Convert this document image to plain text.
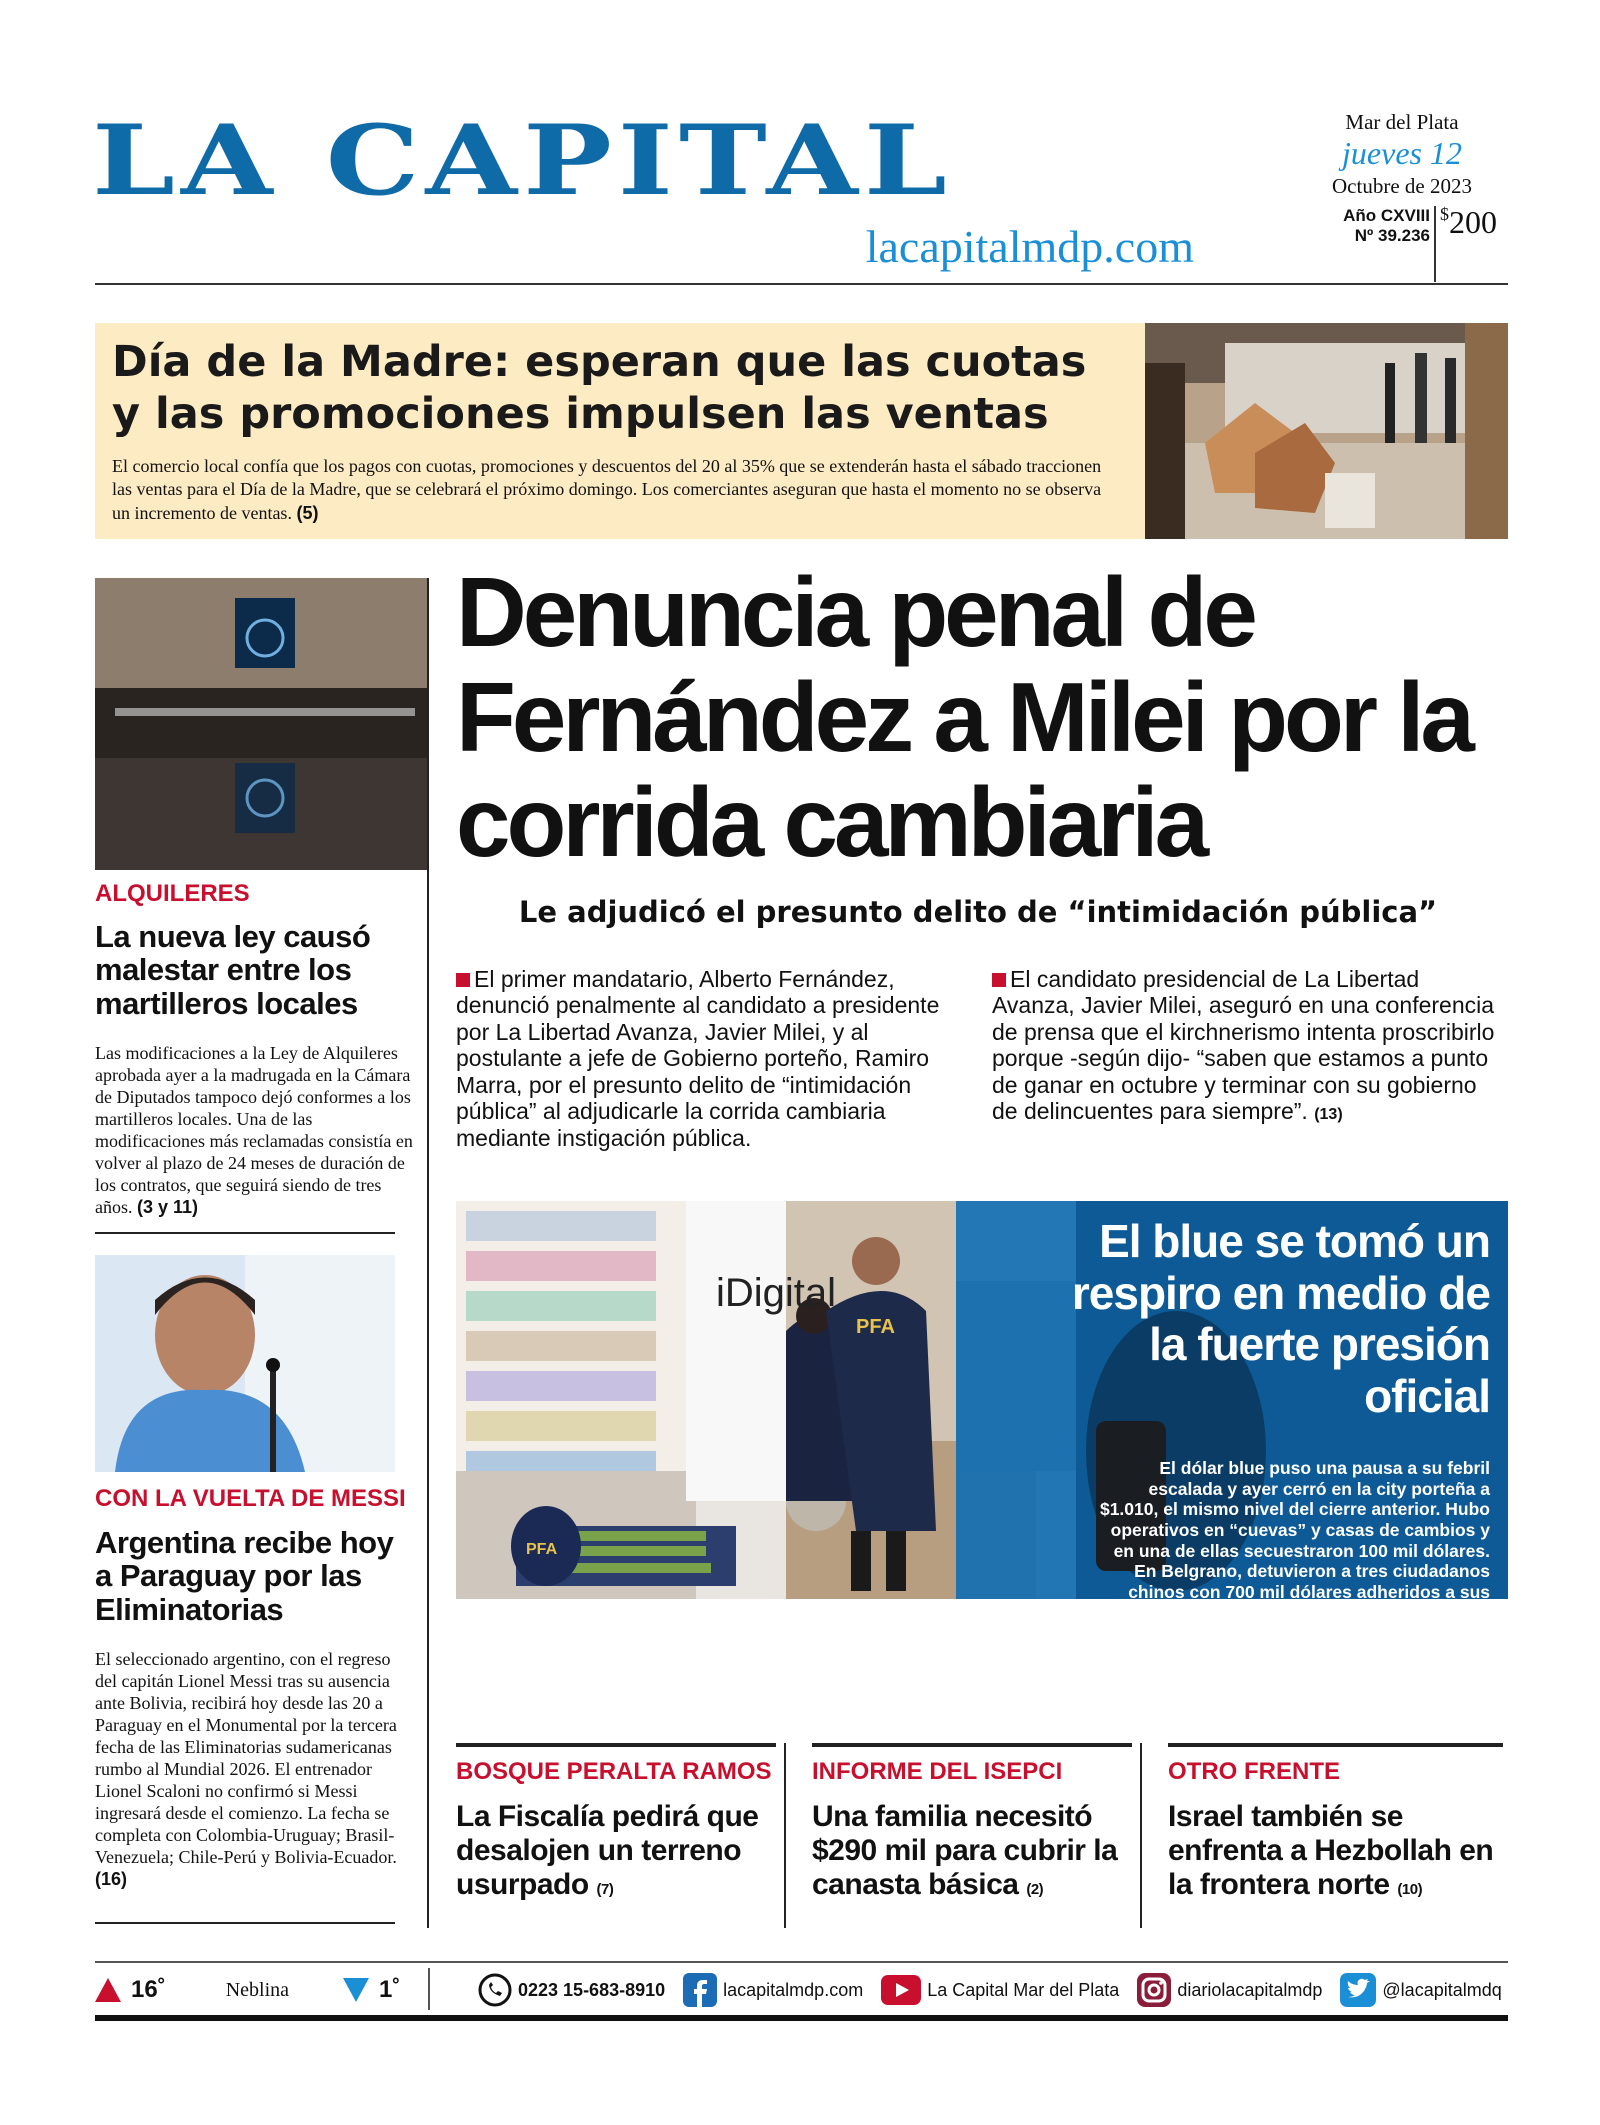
LA CAPITAL
lacapitalmdp.com
Mar del Plata
jueves 12
Octubre de 2023
Año CXVIII
Nº 39.236
$200
Día de la Madre: esperan que las cuotas y las promociones impulsen las ventas
El comercio local confía que los pagos con cuotas, promociones y descuentos del 20 al 35% que se extenderán hasta el sábado traccionen las ventas para el Día de la Madre, que se celebrará el próximo domingo. Los comerciantes aseguran que hasta el momento no se observa un incremento de ventas. (5)
ALQUILERES
La nueva ley causó malestar entre los martilleros locales
Las modificaciones a la Ley de Alquileres aprobada ayer a la madrugada en la Cámara de Diputados tampoco dejó conformes a los martilleros locales. Una de las modificaciones más reclamadas consistía en volver al plazo de 24 meses de duración de los contratos, que seguirá siendo de tres años. (3 y 11)
CON LA VUELTA DE MESSI
Argentina recibe hoy a Paraguay por las Eliminatorias
El seleccionado argentino, con el regreso del capitán Lionel Messi tras su ausencia ante Bolivia, recibirá hoy desde las 20 a Paraguay en el Monumental por la tercera fecha de las Eliminatorias sudamericanas rumbo al Mundial 2026. El entrenador Lionel Scaloni no confirmó si Messi ingresará desde el comienzo. La fecha se completa con Colombia-Uruguay; Brasil-Venezuela; Chile-Perú y Bolivia-Ecuador. (16)
Denuncia penal de Fernández a Milei por la corrida cambiaria
Le adjudicó el presunto delito de “intimidación pública”
El primer mandatario, Alberto Fernández, denunció penalmente al candidato a presidente por La Libertad Avanza, Javier Milei, y al postulante a jefe de Gobierno porteño, Ramiro Marra, por el presunto delito de “intimidación pública” al adjudicarle la corrida cambiaria mediante instigación pública.
El candidato presidencial de La Libertad Avanza, Javier Milei, aseguró en una conferencia de prensa que el kirchnerismo intenta proscribirlo porque -según dijo- “saben que estamos a punto de ganar en octubre y terminar con su gobierno de delincuentes para siempre”. (13)
iDigital
PFA
PFA
El blue se tomó un respiro en medio de la fuerte presión oficial
El dólar blue puso una pausa a su febril escalada y ayer cerró en la city porteña a $1.010, el mismo nivel del cierre anterior. Hubo operativos en “cuevas” y casas de cambios y en una de ellas secuestraron 100 mil dólares. En Belgrano, detuvieron a tres ciudadanos chinos con 700 mil dólares adheridos a sus cuerpos. (12)
BOSQUE PERALTA RAMOS
La Fiscalía pedirá que desalojen un terreno usurpado (7)
INFORME DEL ISEPCI
Una familia necesitó $290 mil para cubrir la canasta básica (2)
OTRO FRENTE
Israel también se enfrenta a Hezbollah en la frontera norte (10)
16˚	Neblina	1˚	0223 15-683-8910	lacapitalmdp.com	La Capital Mar del Plata	diariolacapitalmdp	@lacapitalmdq
